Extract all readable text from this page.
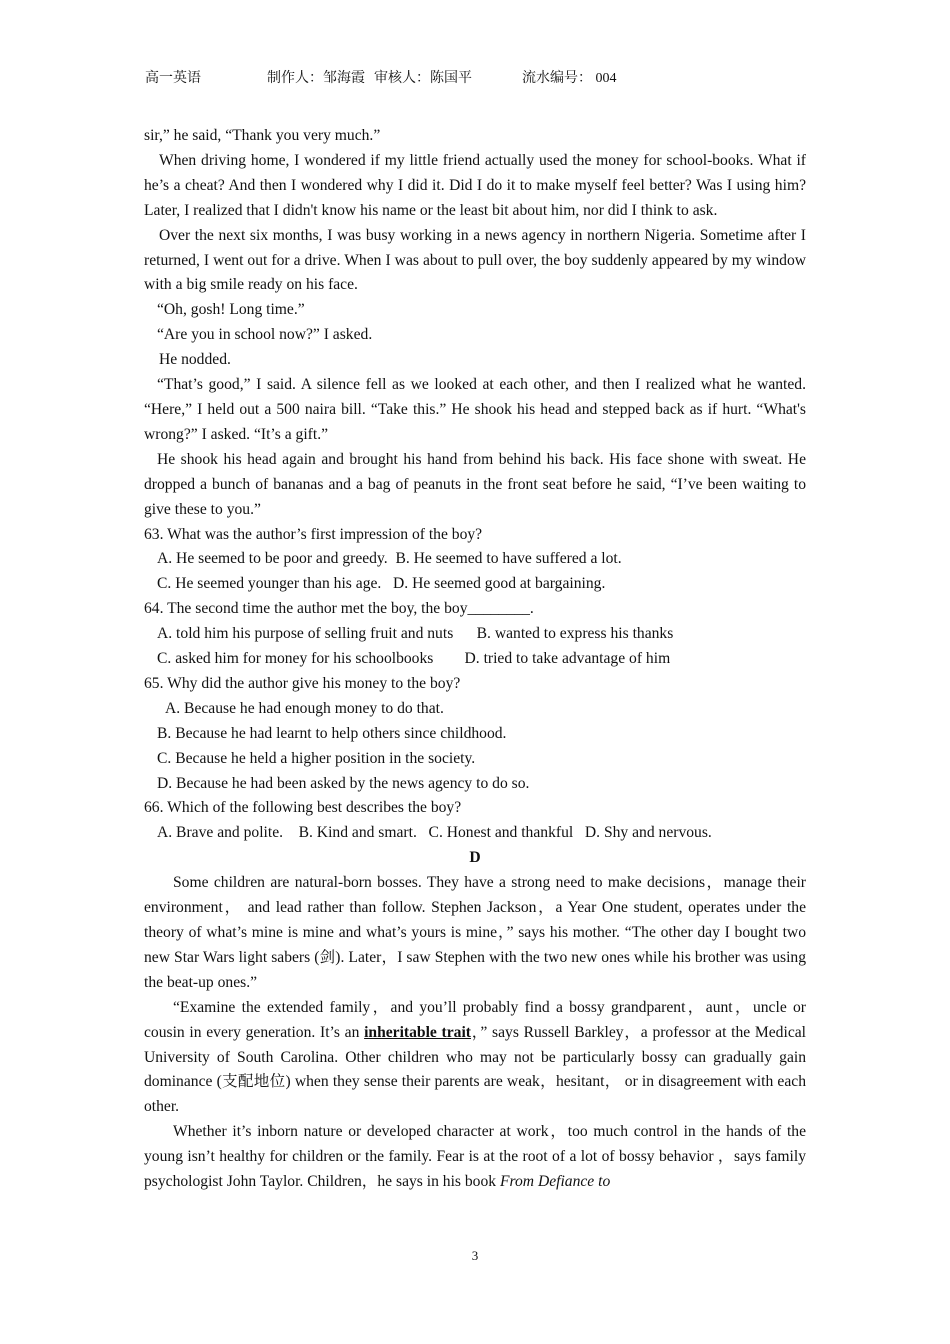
高一英语	制作人：邹海霞 审核人：陈国平	流水编号： 004

sir,” he said, “Thank you very much.”

When driving home, I wondered if my little friend actually used the money for school-books. What if he’s a cheat? And then I wondered why I did it. Did I do it to make myself feel better? Was I using him? Later, I realized that I didn't know his name or the least bit about him, nor did I think to ask.

Over the next six months, I was busy working in a news agency in northern Nigeria. Sometime after I returned, I went out for a drive. When I was about to pull over, the boy suddenly appeared by my window with a big smile ready on his face.

“Oh, gosh! Long time.”

“Are you in school now?” I asked.

He nodded.

“That’s good,” I said. A silence fell as we looked at each other, and then I realized what he wanted. “Here,” I held out a 500 naira bill. “Take this.” He shook his head and stepped back as if hurt. “What's wrong?” I asked. “It’s a gift.”

He shook his head again and brought his hand from behind his back. His face shone with sweat. He dropped a bunch of bananas and a bag of peanuts in the front seat before he said, “I’ve been waiting to give these to you.”

63. What was the author’s first impression of the boy?

A. He seemed to be poor and greedy.  B. He seemed to have suffered a lot.

C. He seemed younger than his age.   D. He seemed good at bargaining.

64. The second time the author met the boy, the boy________.

A. told him his purpose of selling fruit and nuts      B. wanted to express his thanks

C. asked him for money for his schoolbooks        D. tried to take advantage of him

65. Why did the author give his money to the boy?

A. Because he had enough money to do that.

B. Because he had learnt to help others since childhood.

C. Because he held a higher position in the society.

D. Because he had been asked by the news agency to do so.

66. Which of the following best describes the boy?

A. Brave and polite.    B. Kind and smart.   C. Honest and thankful   D. Shy and nervous.

D

Some children are natural-born bosses. They have a strong need to make decisions，manage their environment， and lead rather than follow. Stephen Jackson，a Year One student, operates under the theory of what’s mine is mine and what’s yours is mine，” says his mother. “The other day I bought two new Star Wars light sabers (剑). Later，I saw Stephen with the two new ones while his brother was using the beat-up ones.”

“Examine the extended family，and you’ll probably find a bossy grandparent，aunt，uncle or cousin in every generation. It’s an inheritable trait，” says Russell Barkley，a professor at the Medical University of South Carolina. Other children who may not be particularly bossy can gradually gain dominance (支配地位) when they sense their parents are weak，hesitant， or in disagreement with each other.

Whether it’s inborn nature or developed character at work，too much control in the hands of the young isn’t healthy for children or the family. Fear is at the root of a lot of bossy behavior ，says family psychologist John Taylor. Children，he says in his book From Defiance to

3
